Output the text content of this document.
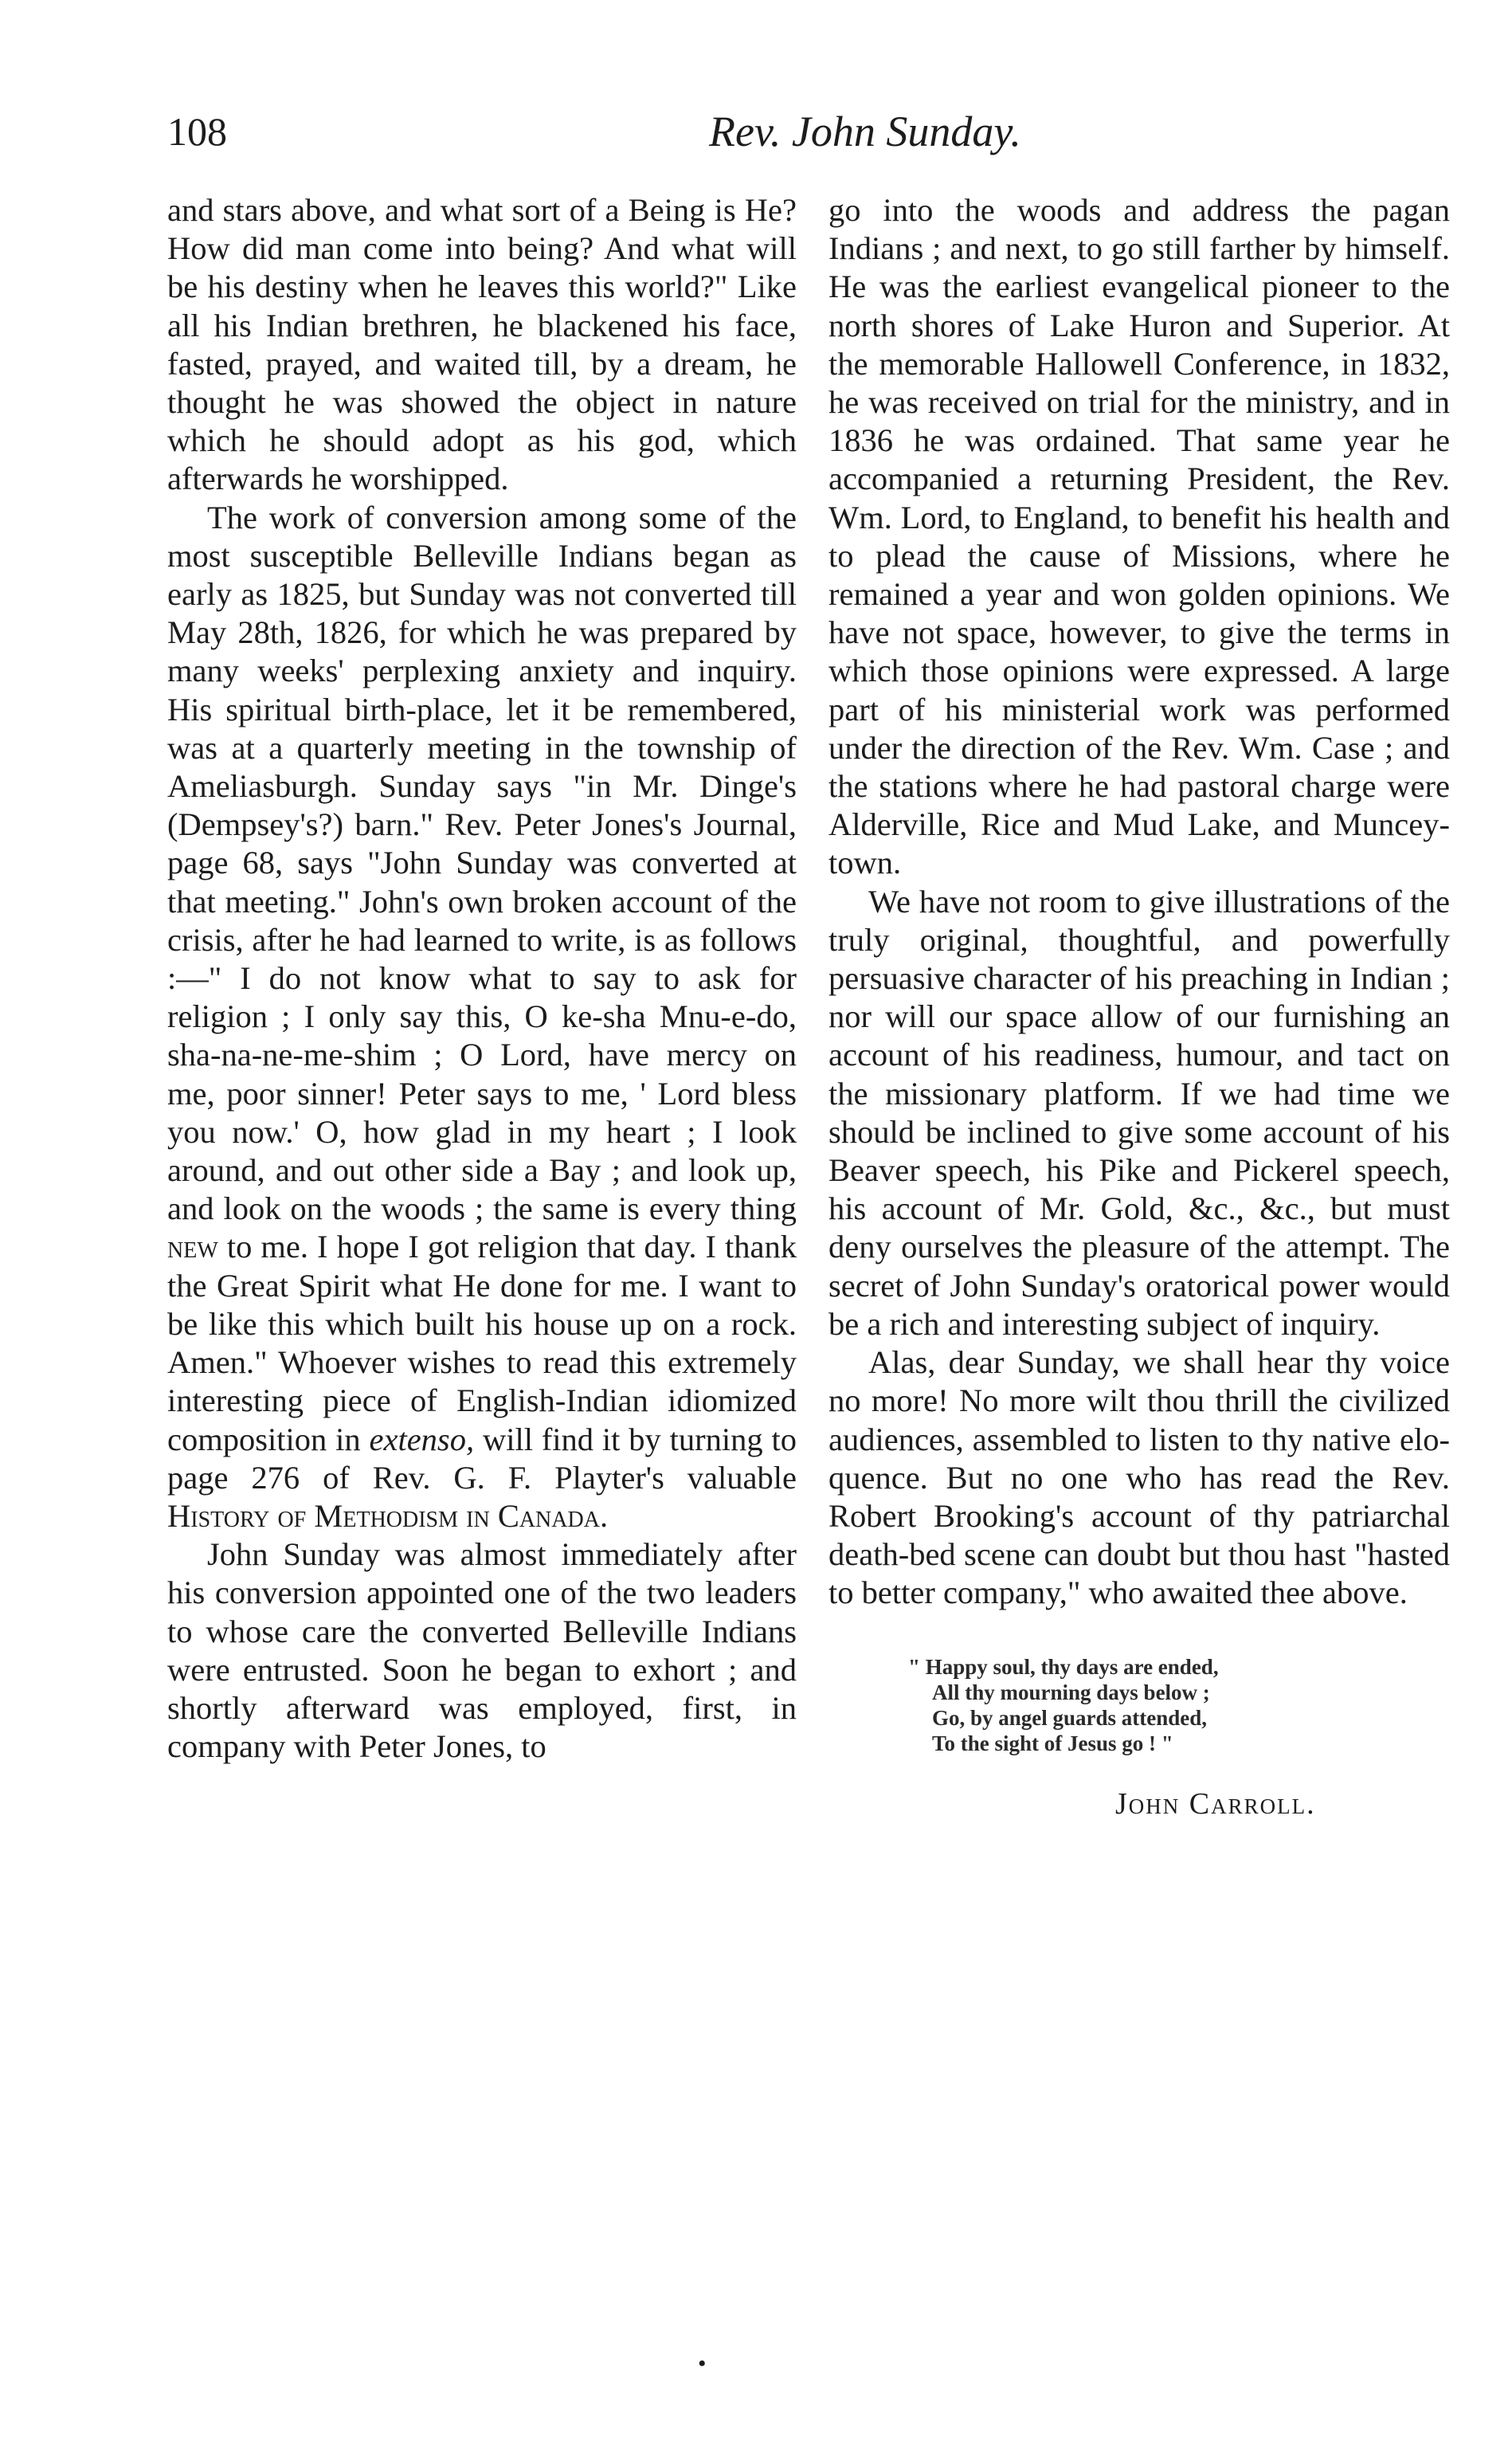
108	Rev. John Sunday.

and stars above, and what sort of a Being is He? How did man come into being? And what will be his destiny when he leaves this world?" Like all his Indian brethren, he blackened his face, fasted, prayed, and waited till, by a dream, he thought he was showed the object in nature which he should adopt as his god, which afterwards he worshipped.

The work of conversion among some of the most susceptible Belleville Indians began as early as 1825, but Sunday was not converted till May 28th, 1826, for which he was prepared by many weeks' perplexing anxiety and inquiry. His spiritual birth-place, let it be remembered, was at a quarterly meeting in the township of Ameliasburgh. Sunday says "in Mr. Dinge's (Dempsey's?) barn." Rev. Peter Jones's Journal, page 68, says "John Sunday was converted at that meeting." John's own broken account of the crisis, after he had learned to write, is as follows :—" I do not know what to say to ask for religion ; I only say this, O ke-sha Mnu-e-do, sha-na-ne-me-shim ; O Lord, have mercy on me, poor sinner! Peter says to me, ' Lord bless you now.' O, how glad in my heart ; I look around, and out other side a Bay ; and look up, and look on the woods ; the same is every thing new to me. I hope I got religion that day. I thank the Great Spirit what He done for me. I want to be like this which built his house up on a rock. Amen." Whoever wishes to read this extremely interesting piece of English-Indian idiomized composition in extenso, will find it by turning to page 276 of Rev. G. F. Playter's valuable History of Methodism in Canada.

John Sunday was almost immediately after his conversion appointed one of the two leaders to whose care the converted Belleville Indians were entrusted. Soon he began to exhort ; and shortly afterward was employed, first, in company with Peter Jones, to

go into the woods and address the pagan Indians ; and next, to go still farther by himself. He was the earliest evangelical pioneer to the north shores of Lake Huron and Superior. At the memorable Hallowell Conference, in 1832, he was received on trial for the ministry, and in 1836 he was ordained. That same year he accompanied a returning President, the Rev. Wm. Lord, to England, to benefit his health and to plead the cause of Missions, where he remained a year and won golden opinions. We have not space, however, to give the terms in which those opinions were expressed. A large part of his ministerial work was performed under the direction of the Rev. Wm. Case ; and the stations where he had pastoral charge were Alderville, Rice and Mud Lake, and Muncey-town.

We have not room to give illustrations of the truly original, thoughtful, and powerfully persuasive character of his preaching in Indian ; nor will our space allow of our furnishing an account of his readiness, humour, and tact on the missionary platform. If we had time we should be inclined to give some account of his Beaver speech, his Pike and Pickerel speech, his account of Mr. Gold, &c., &c., but must deny ourselves the pleasure of the attempt. The secret of John Sunday's oratorical power would be a rich and interesting subject of inquiry.

Alas, dear Sunday, we shall hear thy voice no more! No more wilt thou thrill the civilized audiences, assembled to listen to thy native eloquence. But no one who has read the Rev. Robert Brooking's account of thy patriarchal death-bed scene can doubt but thou hast "hasted to better company," who awaited thee above.

" Happy soul, thy days are ended,
All thy mourning days below ;
Go, by angel guards attended,
To the sight of Jesus go ! "
John Carroll.
•
